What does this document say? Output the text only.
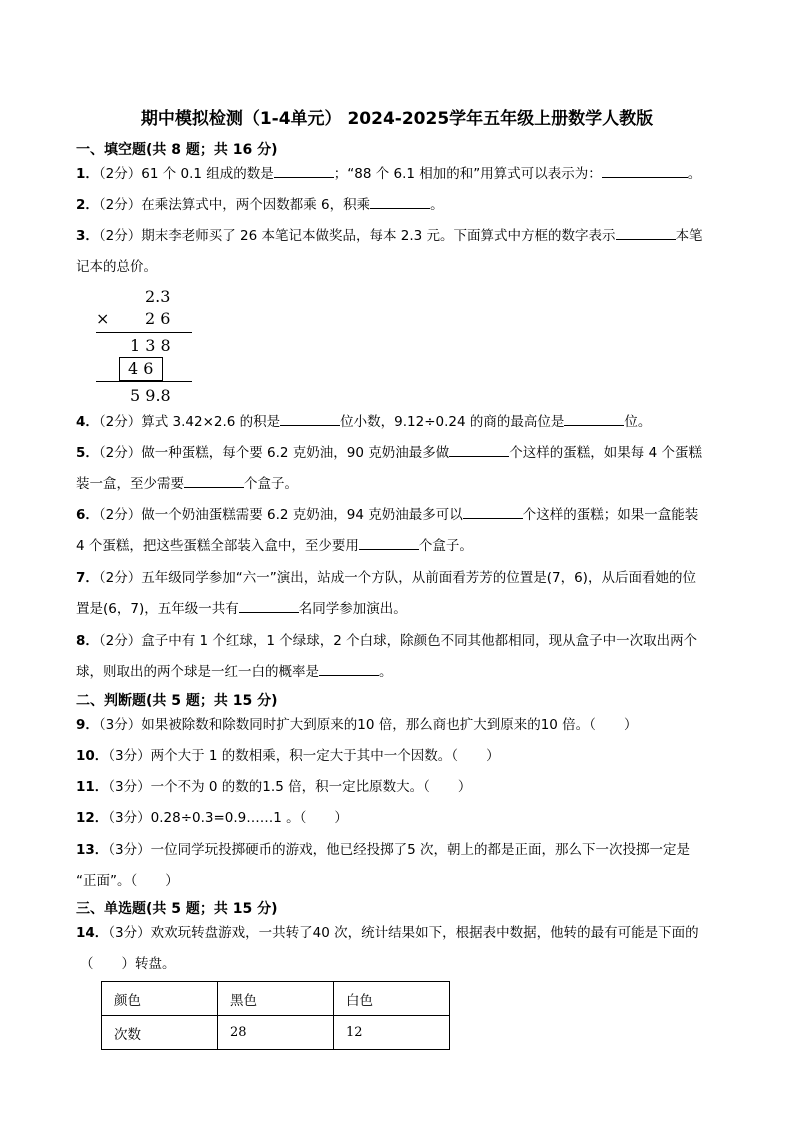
期中模拟检测（1-4单元） 2024-2025学年五年级上册数学人教版
一、填空题(共 8 题；共 16 分)
1．（2分）61 个 0.1 组成的数是	；“88 个 6.1 相加的和”用算式可以表示为：	。
2．（2分）在乘法算式中，两个因数都乘 6，积乘	。
3．（2分）期末李老师买了 26 本笔记本做奖品，每本 2.3 元。下面算式中方框的数字表示	本笔
记本的总价。
2.3
× 2 6
1 3 8
4 6
5 9.8
4．（2分）算式 3.42×2.6 的积是	位小数，9.12÷0.24 的商的最高位是	位。
5．（2分）做一种蛋糕，每个要 6.2 克奶油，90 克奶油最多做	个这样的蛋糕，如果每 4 个蛋糕
装一盒，至少需要	个盒子。
6．（2分）做一个奶油蛋糕需要 6.2 克奶油，94 克奶油最多可以	个这样的蛋糕；如果一盒能装
4 个蛋糕，把这些蛋糕全部装入盒中，至少要用	个盒子。
7．（2分）五年级同学参加“六一”演出，站成一个方队，从前面看芳芳的位置是(7，6)，从后面看她的位
置是(6，7)，五年级一共有	名同学参加演出。
8．（2分）盒子中有 1 个红球，1 个绿球，2 个白球，除颜色不同其他都相同，现从盒子中一次取出两个
球，则取出的两个球是一红一白的概率是	。
二、判断题(共 5 题；共 15 分)
9．（3分）如果被除数和除数同时扩大到原来的10 倍，那么商也扩大到原来的10 倍。（ ）
10．（3分）两个大于 1 的数相乘，积一定大于其中一个因数。（ ）
11．（3分）一个不为 0 的数的1.5 倍，积一定比原数大。（ ）
12．（3分）0.28÷0.3=0.9……1 。（ ）
13．（3分）一位同学玩投掷硬币的游戏，他已经投掷了5 次，朝上的都是正面，那么下一次投掷一定是
“正面”。（ ）
三、单选题(共 5 题；共 15 分)
14．（3分）欢欢玩转盘游戏，一共转了40 次，统计结果如下，根据表中数据，他转的最有可能是下面的
（ ）转盘。
颜色	黑色	白色
次数	28	12
